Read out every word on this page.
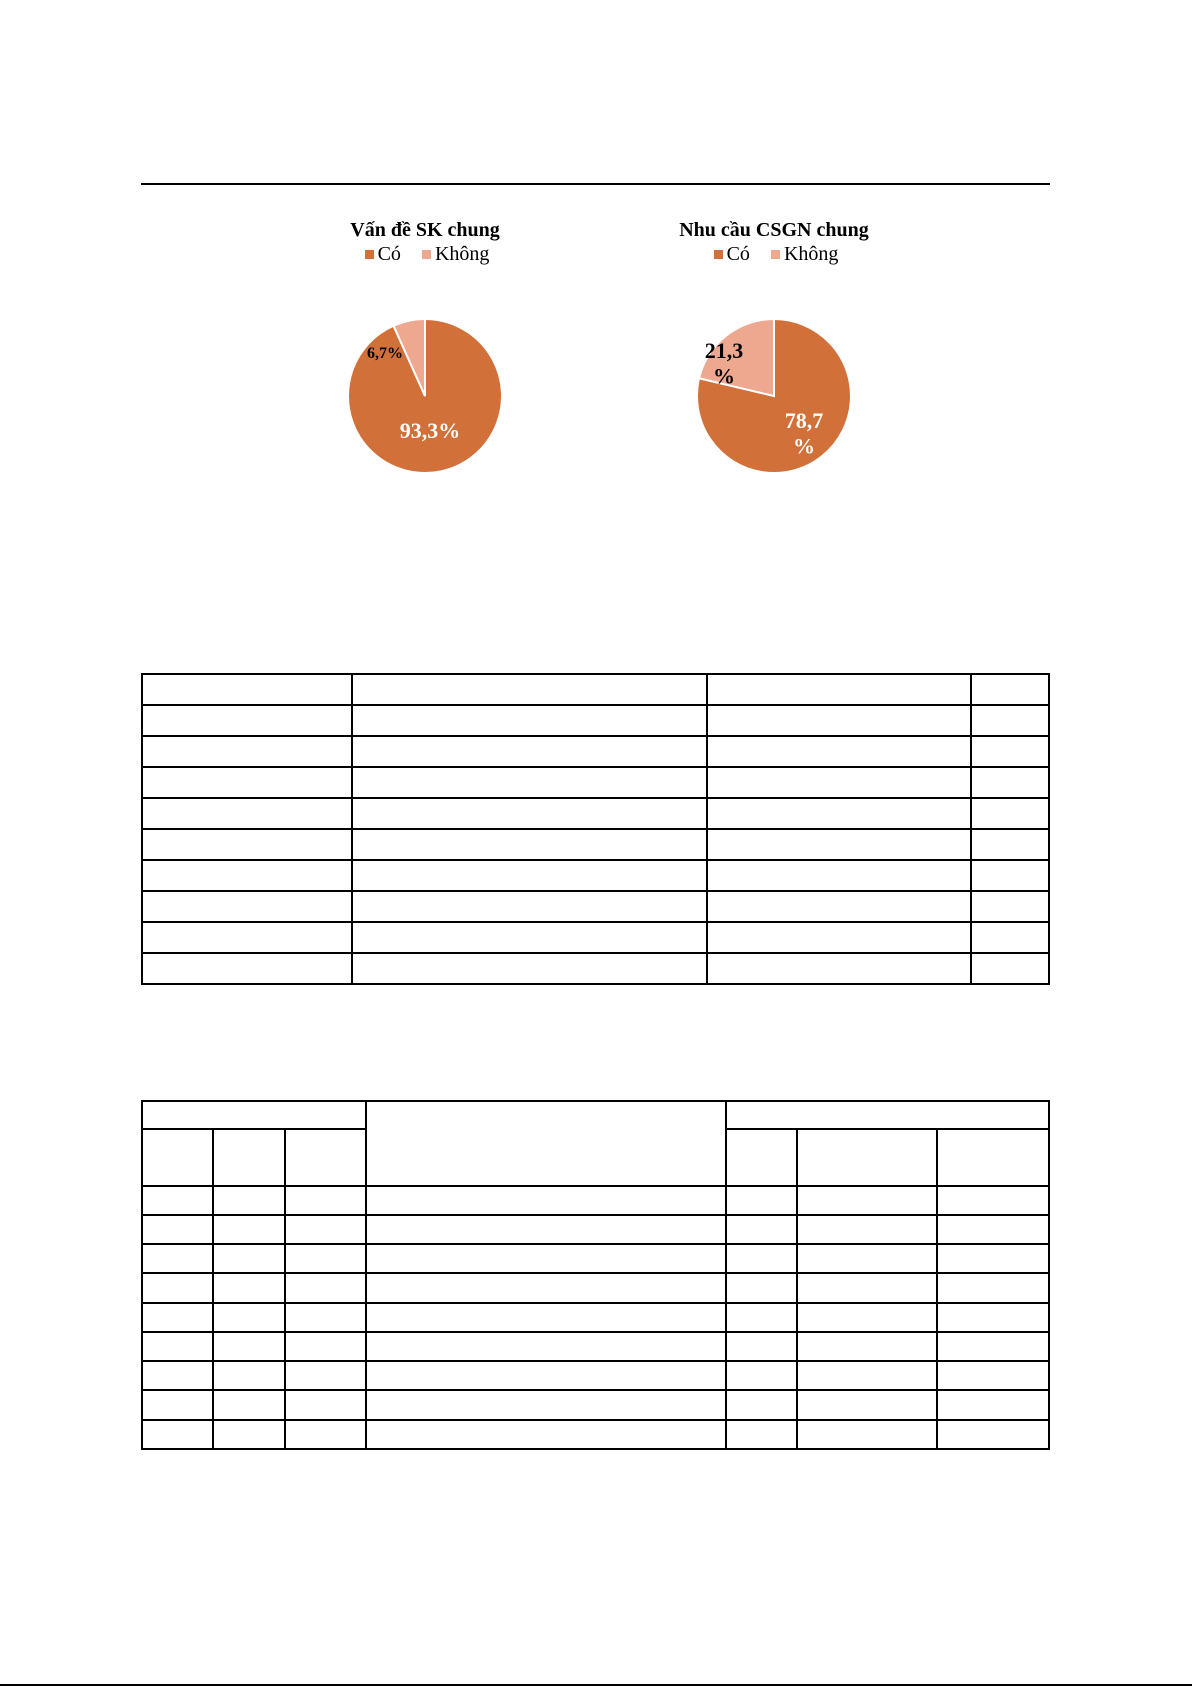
Vấn đề SK chung
Có Không
93,3%
6,7%
Nhu cầu CSGN chung
Có Không
78,7 %
21,3 %
